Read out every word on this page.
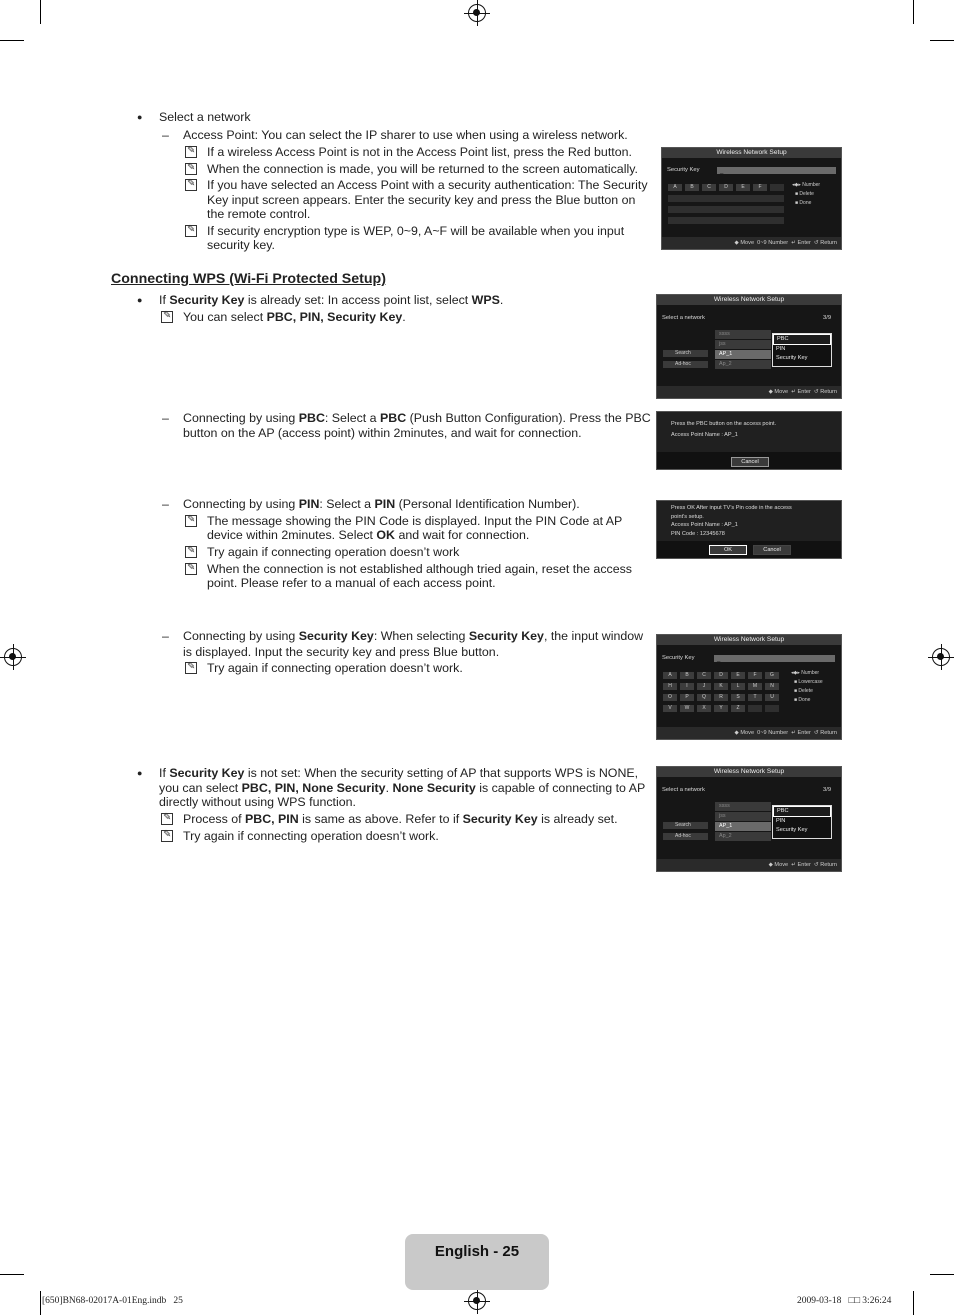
● Select a network
– Access Point: You can select the IP sharer to use when using a wireless network.
✎
If a wireless Access Point is not in the Access Point list, press the Red button.
✎
When the connection is made, you will be returned to the screen automatically.
✎
If you have selected an Access Point with a security authentication: The Security
Key input screen appears. Enter the security key and press the Blue button on
the remote control.
✎
If security encryption type is WEP, 0~9, A~F will be available when you input
security key.
Wireless Network Setup
Security Key	_
A	B	C	D	E	F	◂◆▸ Number
■ Delete
■ Done
◆ Move 0~9 Number ↵ Enter ↺ Return
Connecting WPS (Wi-Fi Protected Setup)
● If Security Key is already set: In access point list, select WPS.
✎
You can select PBC, PIN, Security Key.
Wireless Network Setup
Select a network	3/9
ssss
jss
AP_1
Ap_2
PBC
PIN
Security Key
Search
Ad-hoc
◆ Move ↵ Enter ↺ Return
– Connecting by using PBC: Select a PBC (Push Button Configuration). Press the PBC
button on the AP (access point) within 2minutes, and wait for connection.
Press the PBC button on the access point.
Access Point Name : AP_1
Cancel
– Connecting by using PIN: Select a PIN (Personal Identification Number).
✎
The message showing the PIN Code is displayed. Input the PIN Code at AP
device within 2minutes. Select OK and wait for connection.
✎
Try again if connecting operation doesn’t work
✎
When the connection is not established although tried again, reset the access
point. Please refer to a manual of each access point.
Press OK After input TV’s Pin code in the access
point’s setup.
Access Point Name : AP_1
PIN Code : 12345678
OK	Cancel
– Connecting by using Security Key: When selecting Security Key, the input window
is displayed. Input the security key and press Blue button.
✎
Try again if connecting operation doesn’t work.
Wireless Network Setup
Security Key	_
A	B	C	D	E	F	G
H	I	J	K	L	M	N
O	P	Q	R	S	T	U
V	W	X	Y	Z
◂◆▸ Number
■ Lowercase
■ Delete
■ Done
◆ Move 0~9 Number ↵ Enter ↺ Return
● If Security Key is not set: When the security setting of AP that supports WPS is NONE,
you can select PBC, PIN, None Security. None Security is capable of connecting to AP
directly without using WPS function.
✎
Process of PBC, PIN is same as above. Refer to if Security Key is already set.
✎
Try again if connecting operation doesn’t work.
Wireless Network Setup
Select a network	3/9
ssss
jss
AP_1
Ap_2
PBC
PIN
Security Key
Search
Ad-hoc
◆ Move ↵ Enter ↺ Return
English - 25
[650]BN68-02017A-01Eng.indb   25	2009-03-18   □□ 3:26:24
